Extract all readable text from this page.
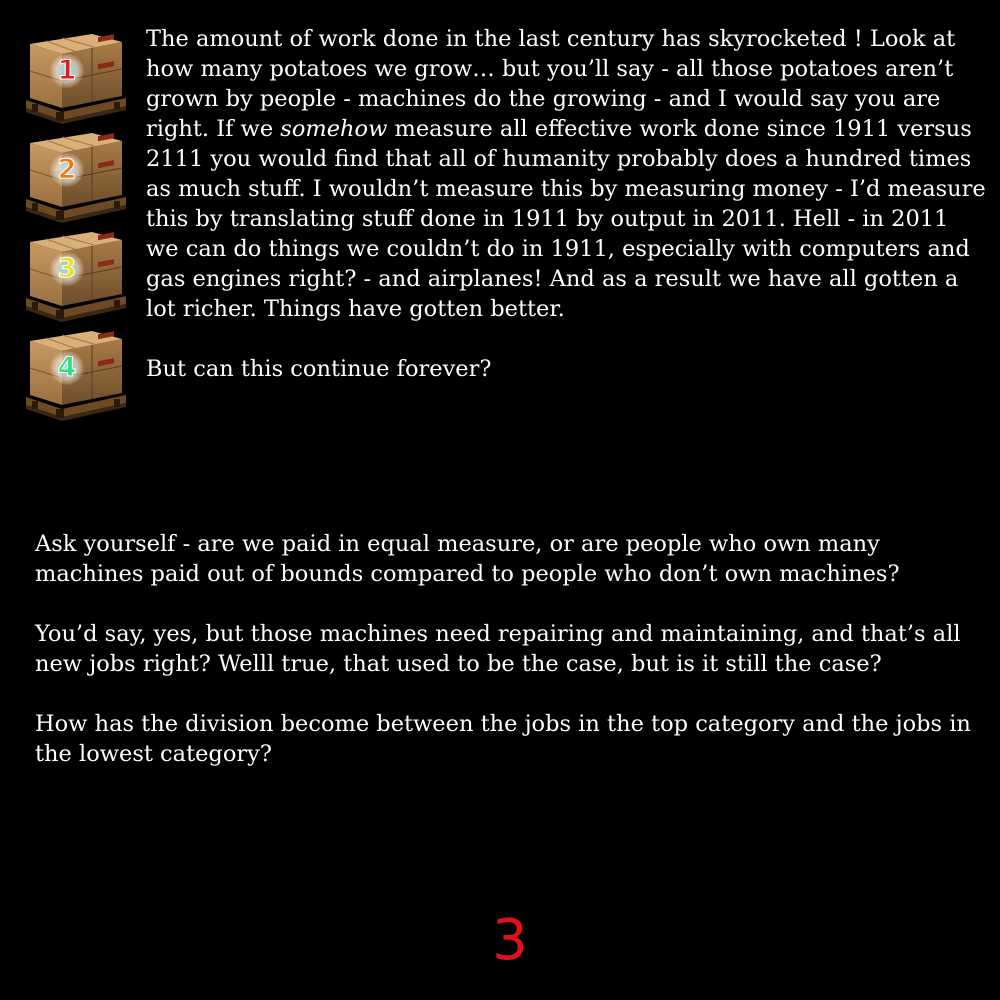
1
2
3
4

The amount of work done in the last century has skyrocketed ! Look at how many potatoes we grow… but you’ll say - all those potatoes aren’t grown by people - machines do the growing - and I would say you are right. If we somehow measure all effective work done since 1911 versus 2111 you would find that all of humanity probably does a hundred times as much stuff. I wouldn’t measure this by measuring money - I’d measure this by translating stuff done in 1911 by output in 2011. Hell - in 2011 we can do things we couldn’t do in 1911, especially with computers and gas engines right? - and airplanes! And as a result we have all gotten a lot richer. Things have gotten better.

But can this continue forever?

Ask yourself - are we paid in equal measure, or are people who own many machines paid out of bounds compared to people who don’t own machines?

You’d say, yes, but those machines need repairing and maintaining, and that’s all new jobs right? Welll true, that used to be the case, but is it still the case?

How has the division become between the jobs in the top category and the jobs in the lowest category?

3
